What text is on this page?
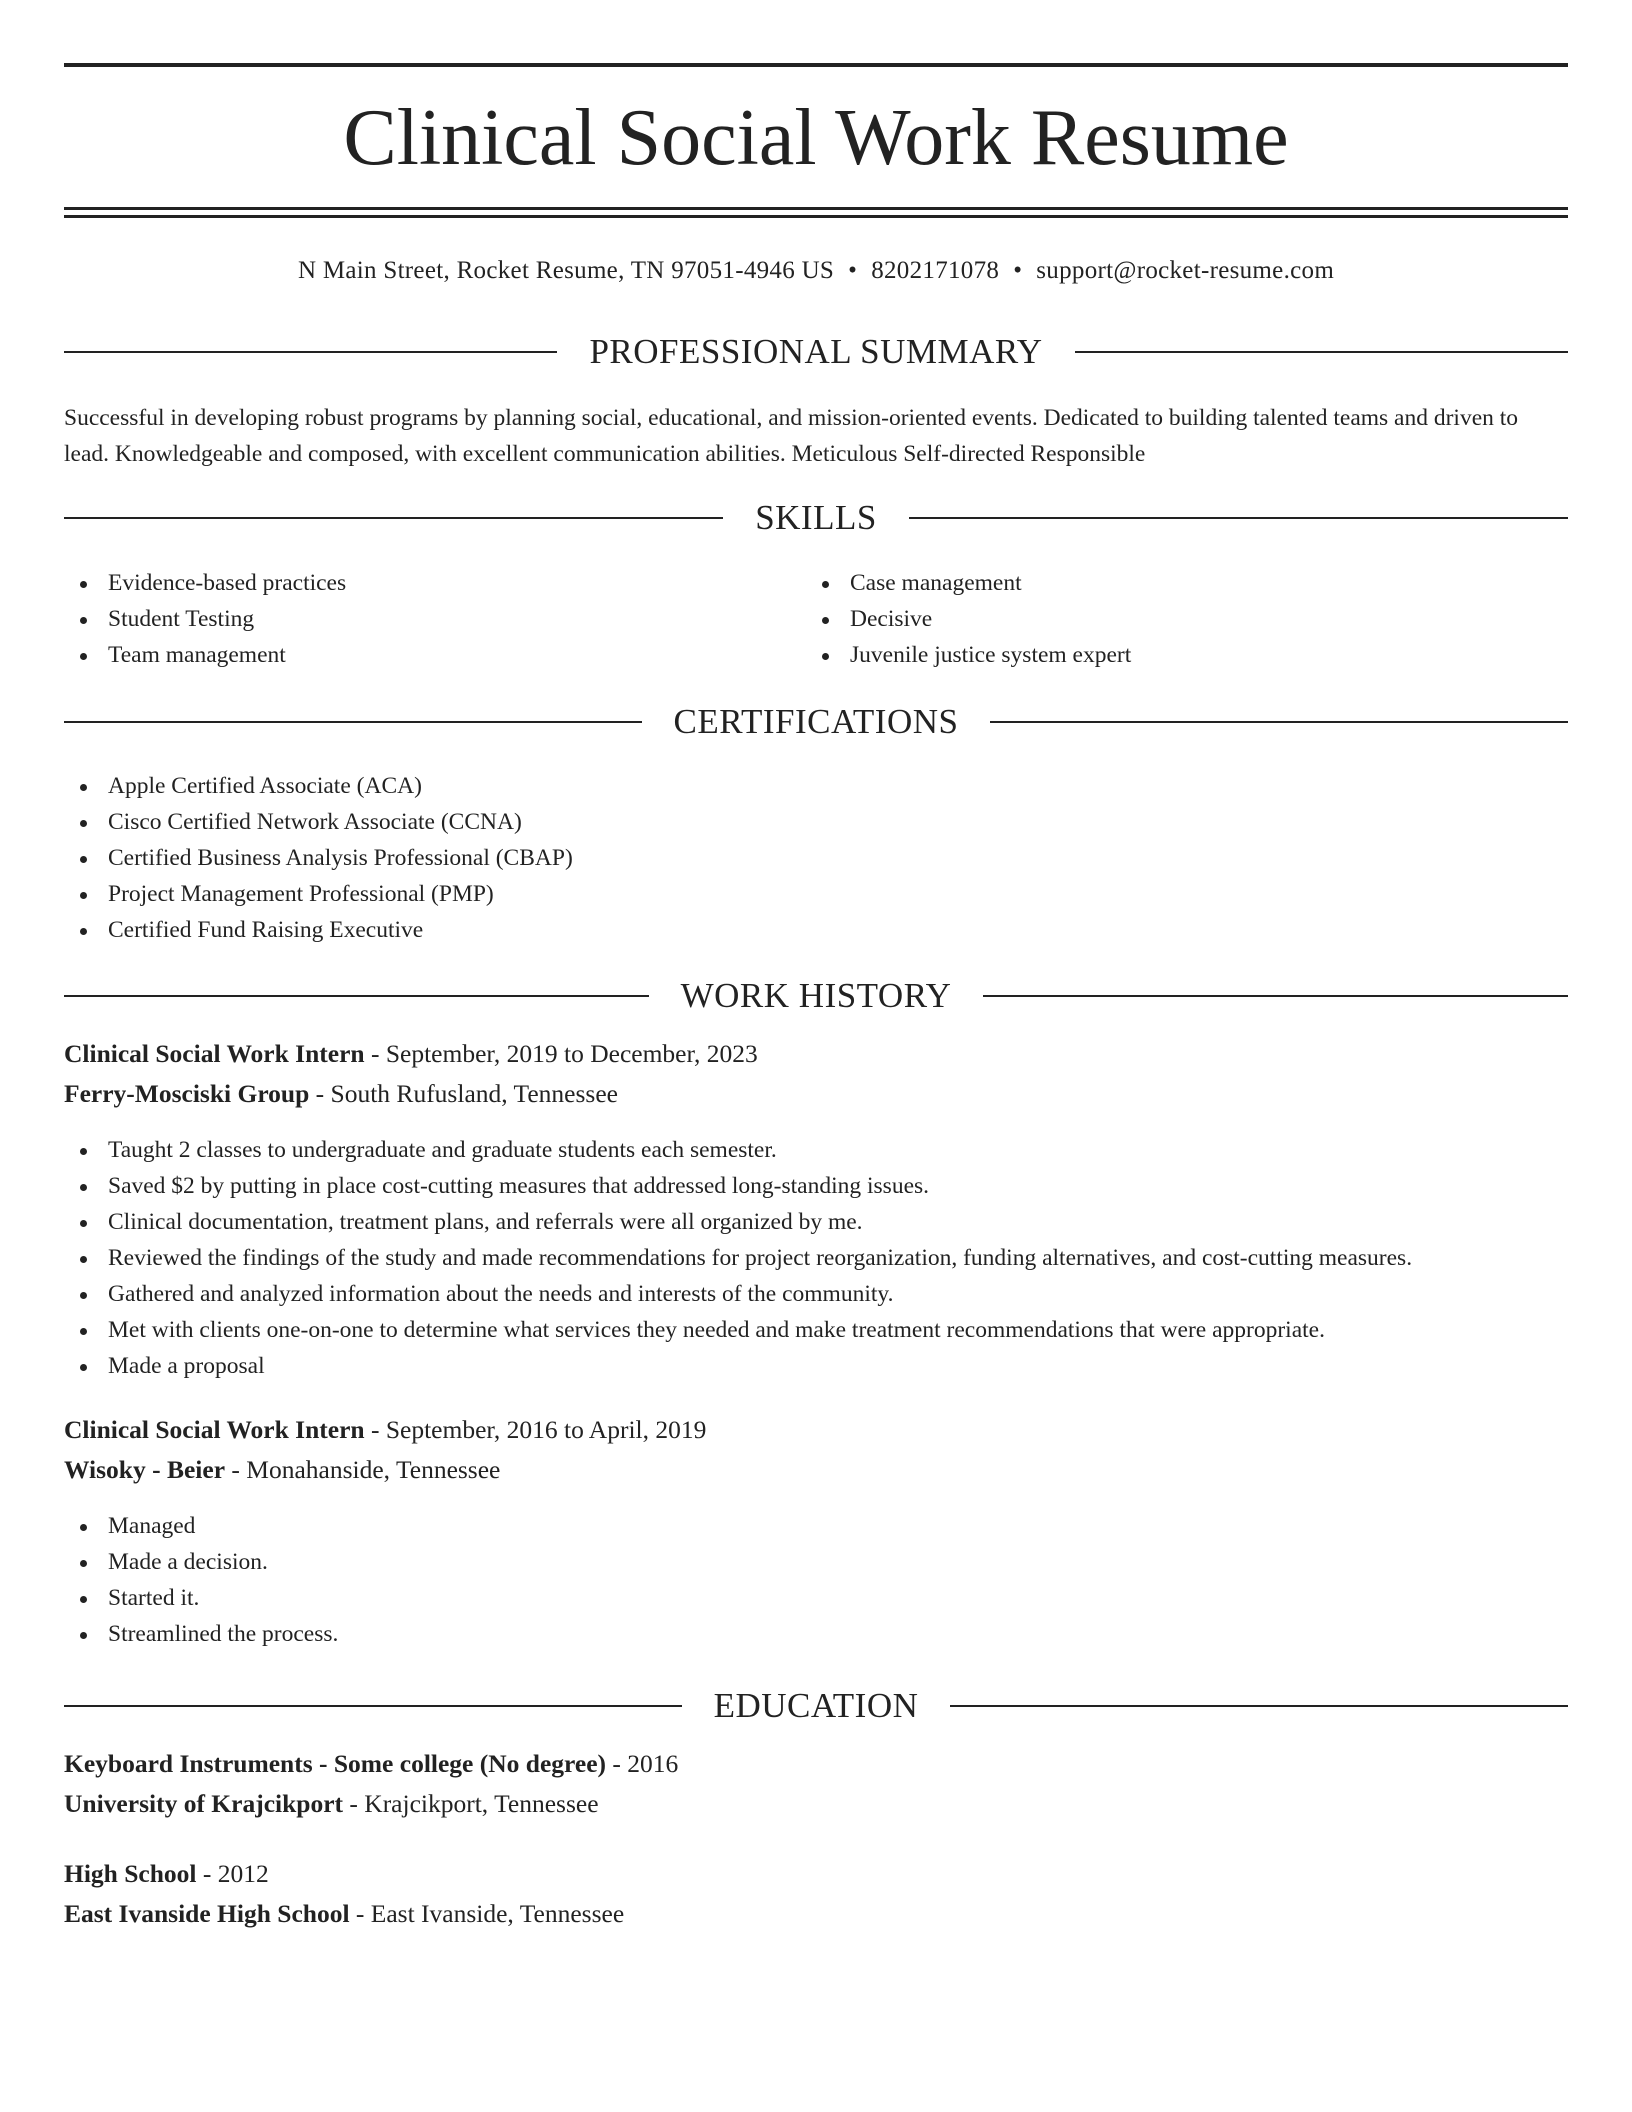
Clinical Social Work Resume
N Main Street, Rocket Resume, TN 97051-4946 US • 8202171078 • support@rocket-resume.com
PROFESSIONAL SUMMARY

Successful in developing robust programs by planning social, educational, and mission-oriented events. Dedicated to building talented teams and driven to lead. Knowledgeable and composed, with excellent communication abilities. Meticulous Self-directed Responsible

SKILLS
Evidence-based practices
Student Testing
Team management
Case management
Decisive
Juvenile justice system expert
CERTIFICATIONS
Apple Certified Associate (ACA)
Cisco Certified Network Associate (CCNA)
Certified Business Analysis Professional (CBAP)
Project Management Professional (PMP)
Certified Fund Raising Executive
WORK HISTORY
Clinical Social Work Intern - September, 2019 to December, 2023
Ferry-Mosciski Group - South Rufusland, Tennessee
Taught 2 classes to undergraduate and graduate students each semester.
Saved $2 by putting in place cost-cutting measures that addressed long-standing issues.
Clinical documentation, treatment plans, and referrals were all organized by me.
Reviewed the findings of the study and made recommendations for project reorganization, funding alternatives, and cost-cutting measures.
Gathered and analyzed information about the needs and interests of the community.
Met with clients one-on-one to determine what services they needed and make treatment recommendations that were appropriate.
Made a proposal
Clinical Social Work Intern - September, 2016 to April, 2019
Wisoky - Beier - Monahanside, Tennessee
Managed
Made a decision.
Started it.
Streamlined the process.
EDUCATION
Keyboard Instruments - Some college (No degree) - 2016
University of Krajcikport - Krajcikport, Tennessee
High School - 2012
East Ivanside High School - East Ivanside, Tennessee
